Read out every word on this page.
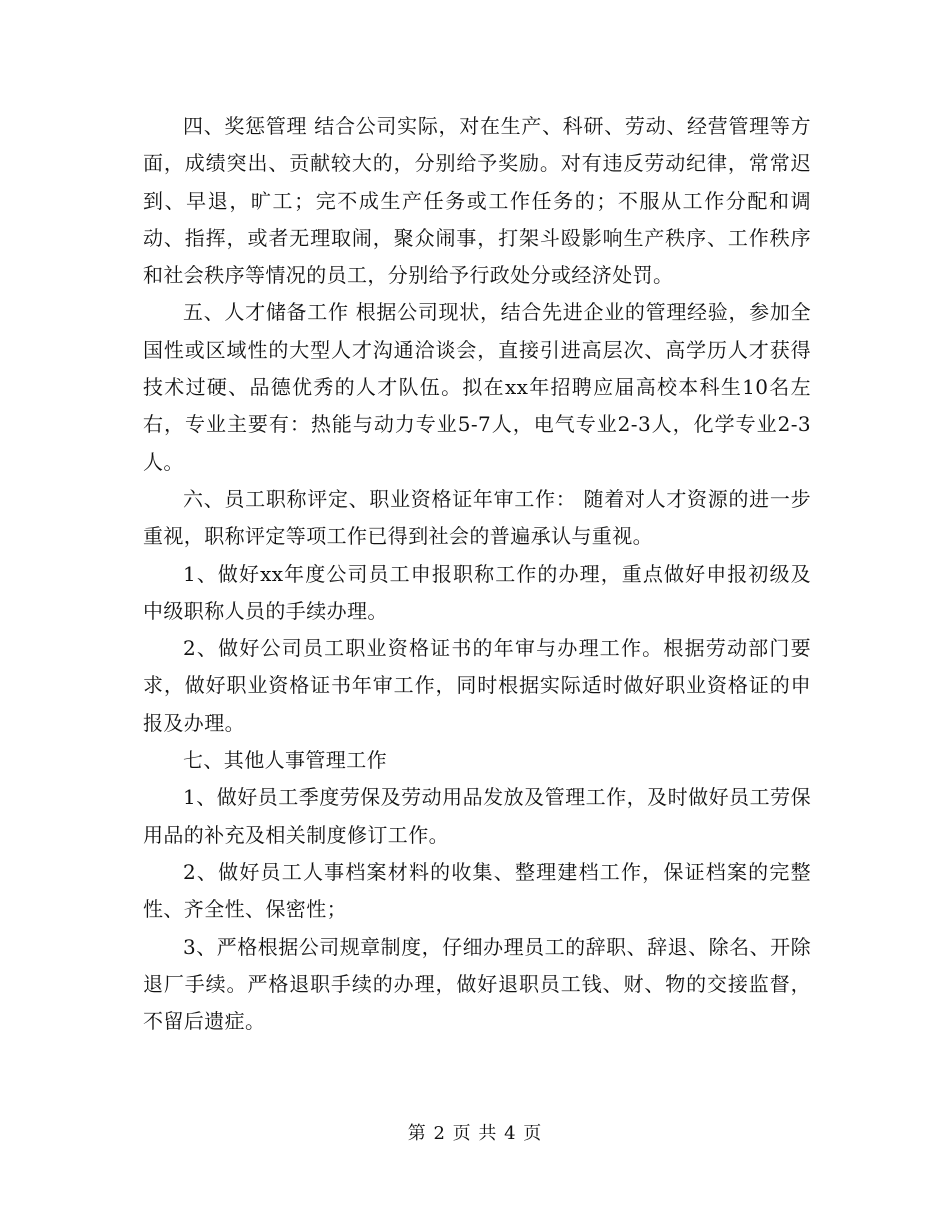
四、奖惩管理 结合公司实际，对在生产、科研、劳动、经营管理等方面，成绩突出、贡献较大的，分别给予奖励。对有违反劳动纪律，常常迟到、早退，旷工；完不成生产任务或工作任务的；不服从工作分配和调动、指挥，或者无理取闹，聚众闹事，打架斗殴影响生产秩序、工作秩序和社会秩序等情况的员工，分别给予行政处分或经济处罚。

五、人才储备工作 根据公司现状，结合先进企业的管理经验，参加全国性或区域性的大型人才沟通洽谈会，直接引进高层次、高学历人才获得技术过硬、品德优秀的人才队伍。拟在xx年招聘应届高校本科生10名左右，专业主要有：热能与动力专业5-7人，电气专业2-3人，化学专业2-3人。

六、员工职称评定、职业资格证年审工作： 随着对人才资源的进一步重视，职称评定等项工作已得到社会的普遍承认与重视。

1、做好xx年度公司员工申报职称工作的办理，重点做好申报初级及中级职称人员的手续办理。

2、做好公司员工职业资格证书的年审与办理工作。根据劳动部门要求，做好职业资格证书年审工作，同时根据实际适时做好职业资格证的申报及办理。

七、其他人事管理工作

1、做好员工季度劳保及劳动用品发放及管理工作，及时做好员工劳保用品的补充及相关制度修订工作。

2、做好员工人事档案材料的收集、整理建档工作，保证档案的完整性、齐全性、保密性；

3、严格根据公司规章制度，仔细办理员工的辞职、辞退、除名、开除退厂手续。严格退职手续的办理，做好退职员工钱、财、物的交接监督，不留后遗症。

第 2 页 共 4 页
